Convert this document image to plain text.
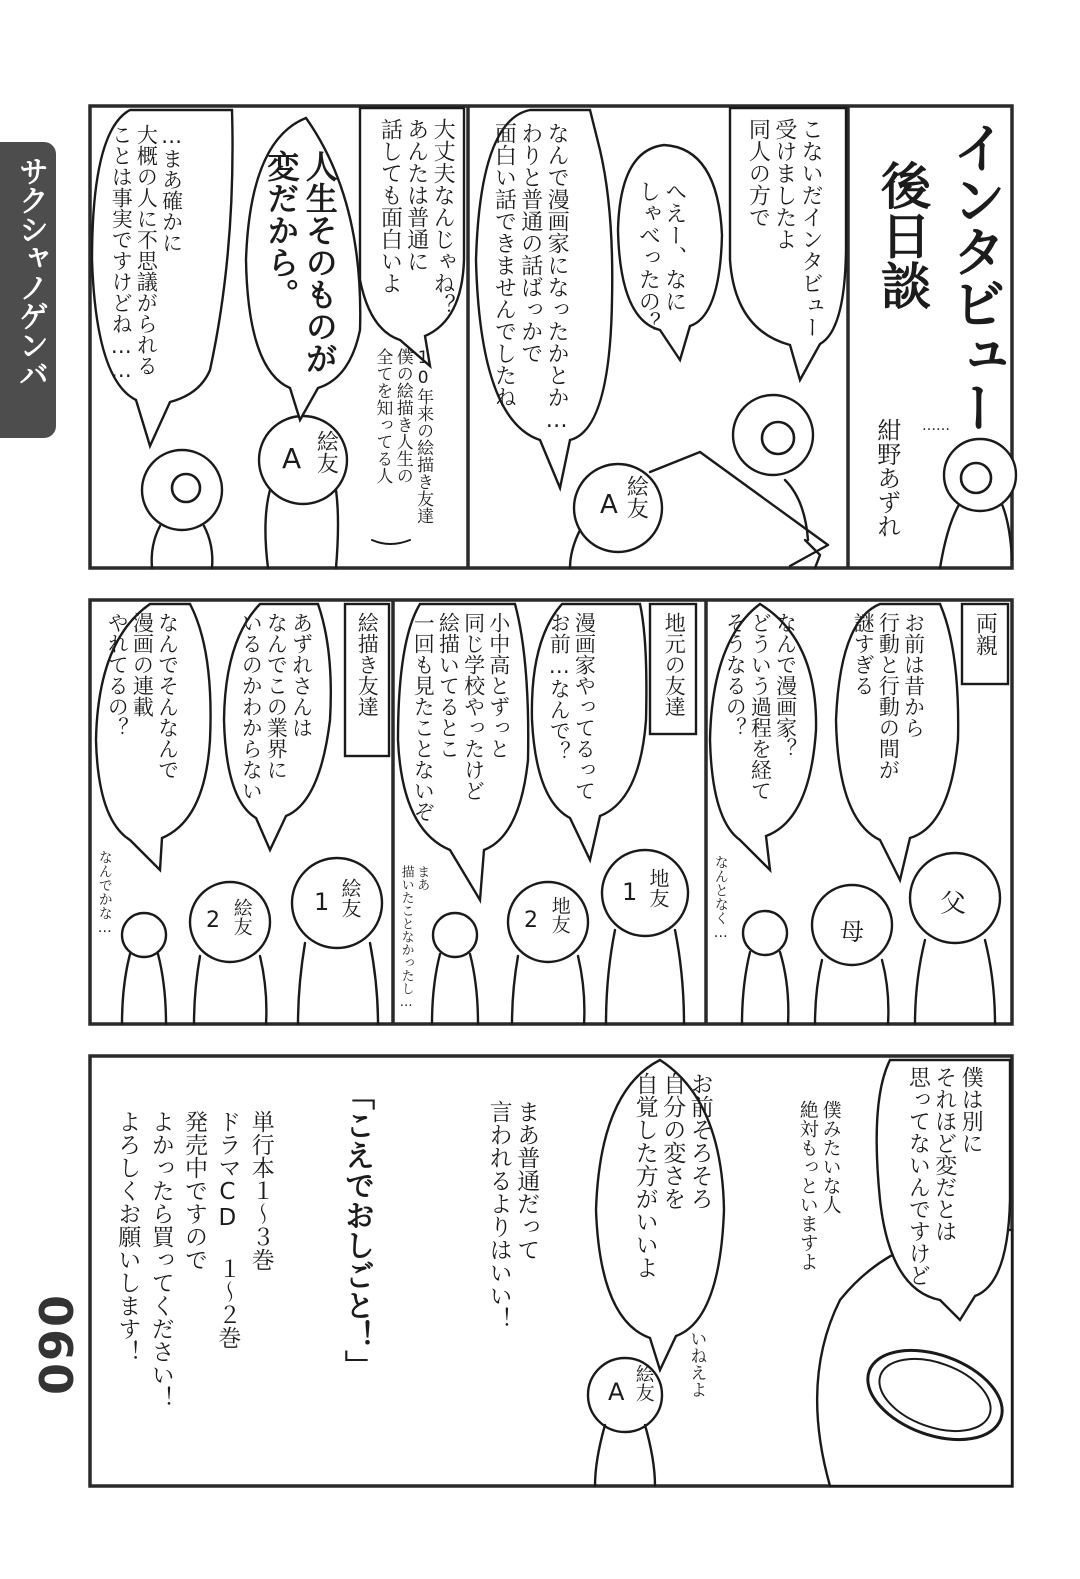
サクシャノゲンバ
060
インタビュー
後日談
紺野あずれ ……
こないだインタビュー
受けましたよ
同人の方で
へえー、なに
しゃべったの？
なんで漫画家になったかとか…
わりと普通の話ばっかで
面白い話できませんでしたね
A 絵友
大丈夫なんじゃね？
あんたは普通に
話しても面白いよ
人生そのものが
変だから。
…まあ確かに
大概の人に不思議がられる
ことは事実ですけどね……
10年来の絵描き友達
僕の絵描き人生の
全てを知ってる人
A 絵友
両親
お前は昔から
行動と行動の間が
謎すぎる
なんで漫画家？
どういう過程を経て
そうなるの？
なんとなく…	父
母
地元の友達
漫画家やってるって
お前…なんで？
小中高とずっと
同じ学校やったけど
絵描いてるとこ
一回も見たことないぞ
まあ
描いたことなかったし…	1 地友
2 地友
絵描き友達
あずれさんは
なんでこの業界に
いるのかわからない
なんでそんなんで
漫画の連載
やれてるの？
なんでかな…	1 絵友
2 絵友
僕は別に
それほど変だとは
思ってないんですけど
僕みたいな人
絶対もっといますよ
お前そろそろ
自分の変さを
自覚した方がいいよ
まあ普通だって
言われるよりはいい！
いねえよ
A 絵友
「こえでおしごと！」
単行本１〜３巻
ドラマCD １〜２巻
発売中ですので
よかったら買ってください！
よろしくお願いします！
